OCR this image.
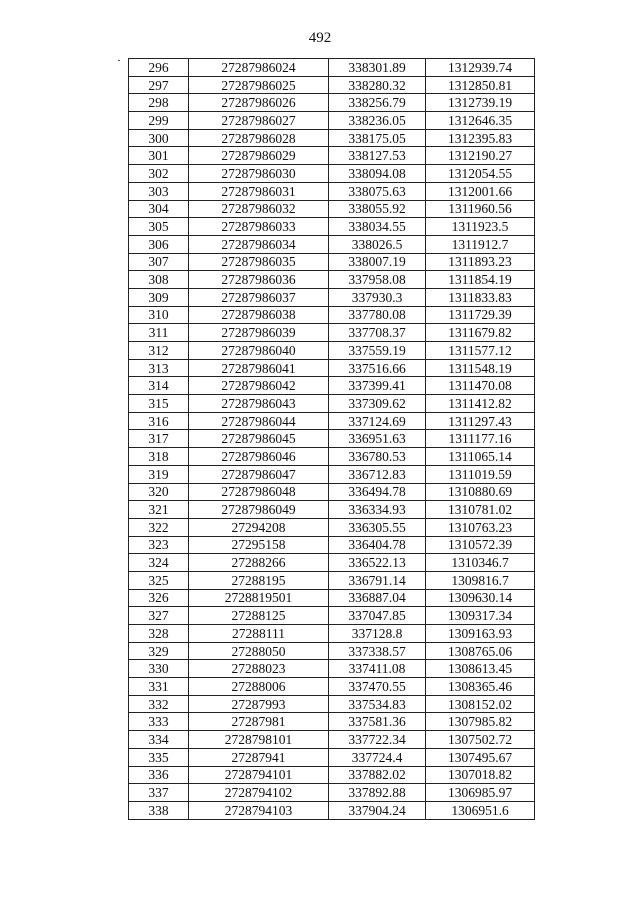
492
296	27287986024	338301.89	1312939.74
297	27287986025	338280.32	1312850.81
298	27287986026	338256.79	1312739.19
299	27287986027	338236.05	1312646.35
300	27287986028	338175.05	1312395.83
301	27287986029	338127.53	1312190.27
302	27287986030	338094.08	1312054.55
303	27287986031	338075.63	1312001.66
304	27287986032	338055.92	1311960.56
305	27287986033	338034.55	1311923.5
306	27287986034	338026.5	1311912.7
307	27287986035	338007.19	1311893.23
308	27287986036	337958.08	1311854.19
309	27287986037	337930.3	1311833.83
310	27287986038	337780.08	1311729.39
311	27287986039	337708.37	1311679.82
312	27287986040	337559.19	1311577.12
313	27287986041	337516.66	1311548.19
314	27287986042	337399.41	1311470.08
315	27287986043	337309.62	1311412.82
316	27287986044	337124.69	1311297.43
317	27287986045	336951.63	1311177.16
318	27287986046	336780.53	1311065.14
319	27287986047	336712.83	1311019.59
320	27287986048	336494.78	1310880.69
321	27287986049	336334.93	1310781.02
322	27294208	336305.55	1310763.23
323	27295158	336404.78	1310572.39
324	27288266	336522.13	1310346.7
325	27288195	336791.14	1309816.7
326	2728819501	336887.04	1309630.14
327	27288125	337047.85	1309317.34
328	27288111	337128.8	1309163.93
329	27288050	337338.57	1308765.06
330	27288023	337411.08	1308613.45
331	27288006	337470.55	1308365.46
332	27287993	337534.83	1308152.02
333	27287981	337581.36	1307985.82
334	2728798101	337722.34	1307502.72
335	27287941	337724.4	1307495.67
336	2728794101	337882.02	1307018.82
337	2728794102	337892.88	1306985.97
338	2728794103	337904.24	1306951.6
